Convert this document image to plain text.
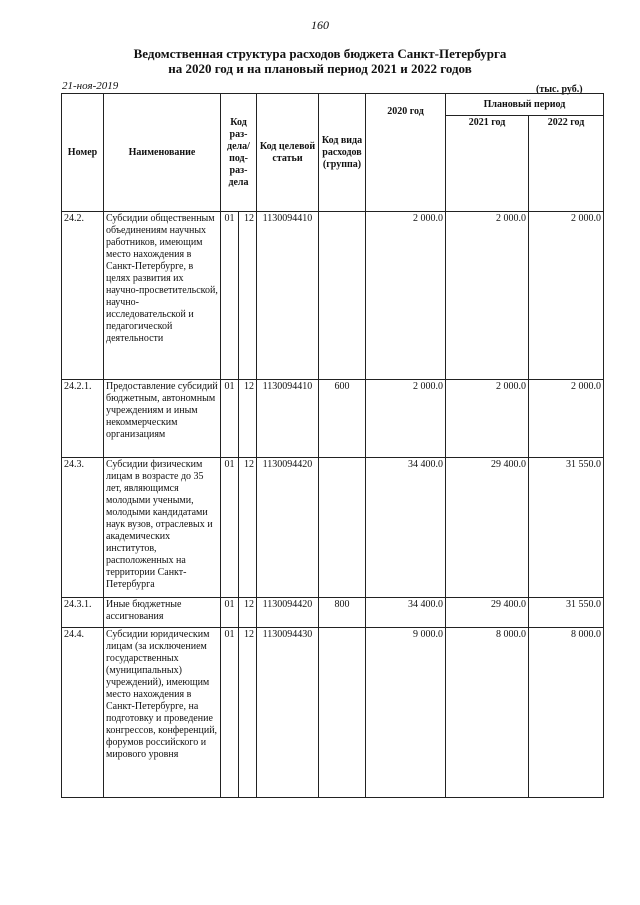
160
Ведомственная структура расходов бюджета Санкт-Петербурга
на 2020 год и на плановый период 2021 и 2022 годов
21-ноя-2019	(тыс. руб.)
Номер	Наименование	Код раз- дела/ под- раз- дела		Код целевой статьи	Код вида расходов (группа)	2020 год	Плановый период	
							2021 год	2022 год
24.2.	Субсидии общественным объединениям научных работников, имеющим место нахождения в Санкт-Петербурге, в целях развития их научно-просветительской, научно-исследовательской и педагогической деятельности	01	12	1130094410		2 000.0	2 000.0	2 000.0
24.2.1.	Предоставление субсидий бюджетным, автономным учреждениям и иным некоммерческим организациям	01	12	1130094410	600	2 000.0	2 000.0	2 000.0
24.3.	Субсидии физическим лицам в возрасте до 35 лет, являющимся молодыми учеными, молодыми кандидатами наук вузов, отраслевых и академических институтов, расположенных на территории Санкт-Петербурга	01	12	1130094420		34 400.0	29 400.0	31 550.0
24.3.1.	Иные бюджетные ассигнования	01	12	1130094420	800	34 400.0	29 400.0	31 550.0
24.4.	Субсидии юридическим лицам (за исключением государственных (муниципальных) учреждений), имеющим место нахождения в Санкт-Петербурге, на подготовку и проведение конгрессов, конференций, форумов российского и мирового уровня	01	12	1130094430		9 000.0	8 000.0	8 000.0
